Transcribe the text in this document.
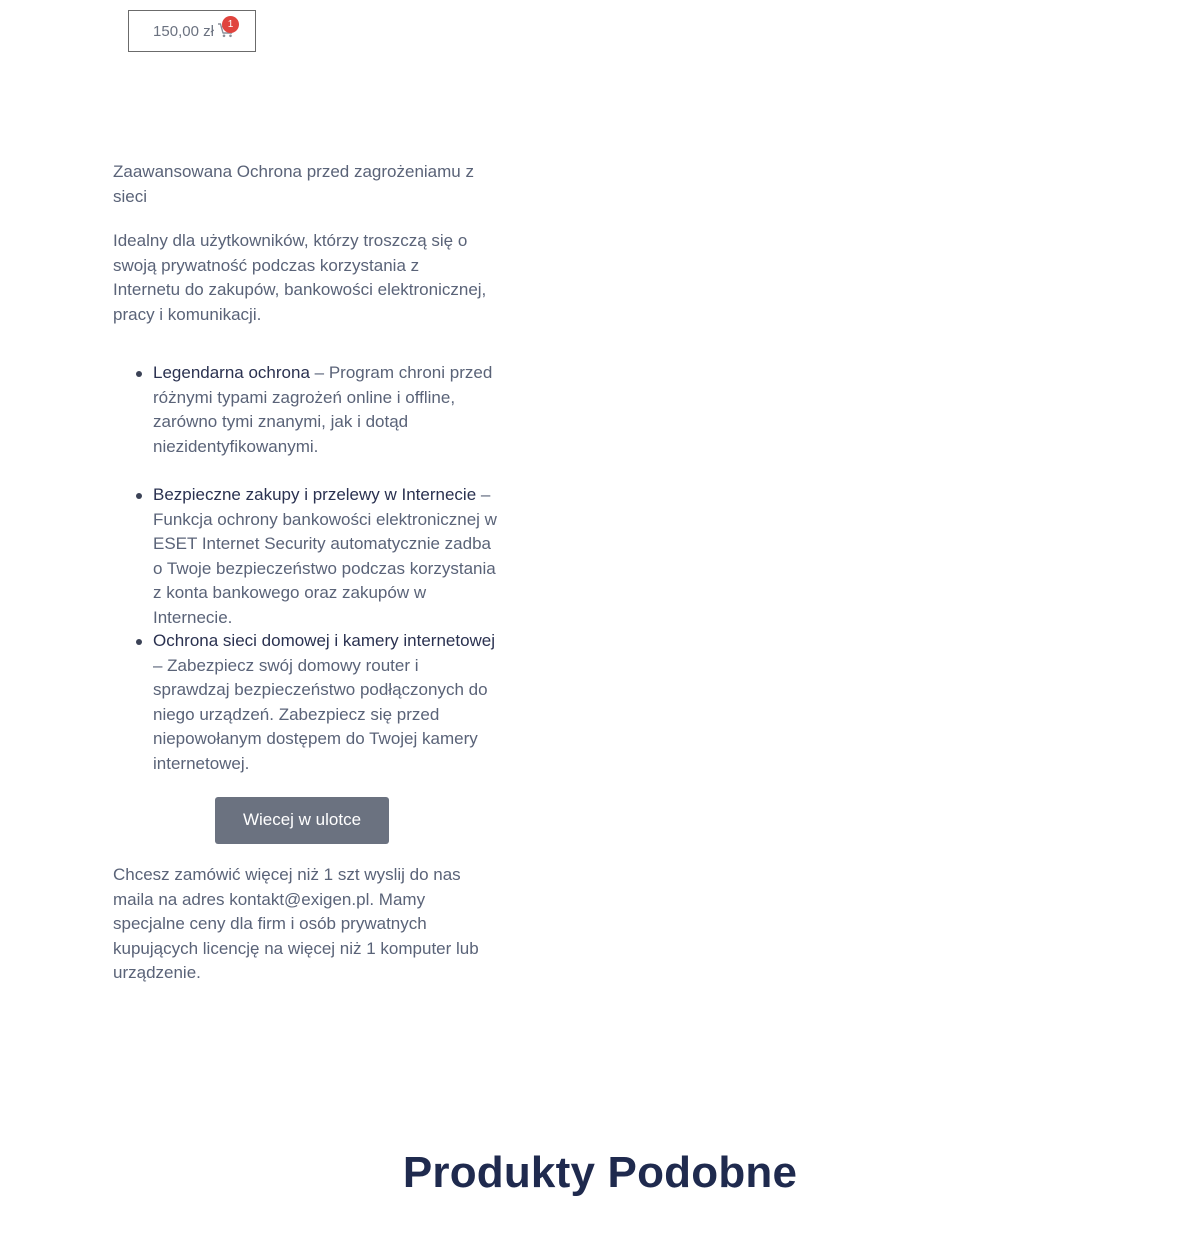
150,00 zł	1

Zaawansowana Ochrona przed zagrożeniamu z sieci

Idealny dla użytkowników, którzy troszczą się o swoją prywatność podczas korzystania z Internetu do zakupów, bankowości elektronicznej, pracy i komunikacji.

Legendarna ochrona – Program chroni przed różnymi typami zagrożeń online i offline, zarówno tymi znanymi, jak i dotąd niezidentyfikowanymi.
Bezpieczne zakupy i przelewy w Internecie – Funkcja ochrony bankowości elektronicznej w ESET Internet Security automatycznie zadba o Twoje bezpieczeństwo podczas korzystania z konta bankowego oraz zakupów w Internecie.
Ochrona sieci domowej i kamery internetowej – Zabezpiecz swój domowy router i sprawdzaj bezpieczeństwo podłączonych do niego urządzeń. Zabezpiecz się przed niepowołanym dostępem do Twojej kamery internetowej.
Wiecej w ulotce

Chcesz zamówić więcej niż 1 szt wyslij do nas maila na adres kontakt@exigen.pl. Mamy specjalne ceny dla firm i osób prywatnych kupujących licencję na więcej niż 1 komputer lub urządzenie.

Produkty Podobne
